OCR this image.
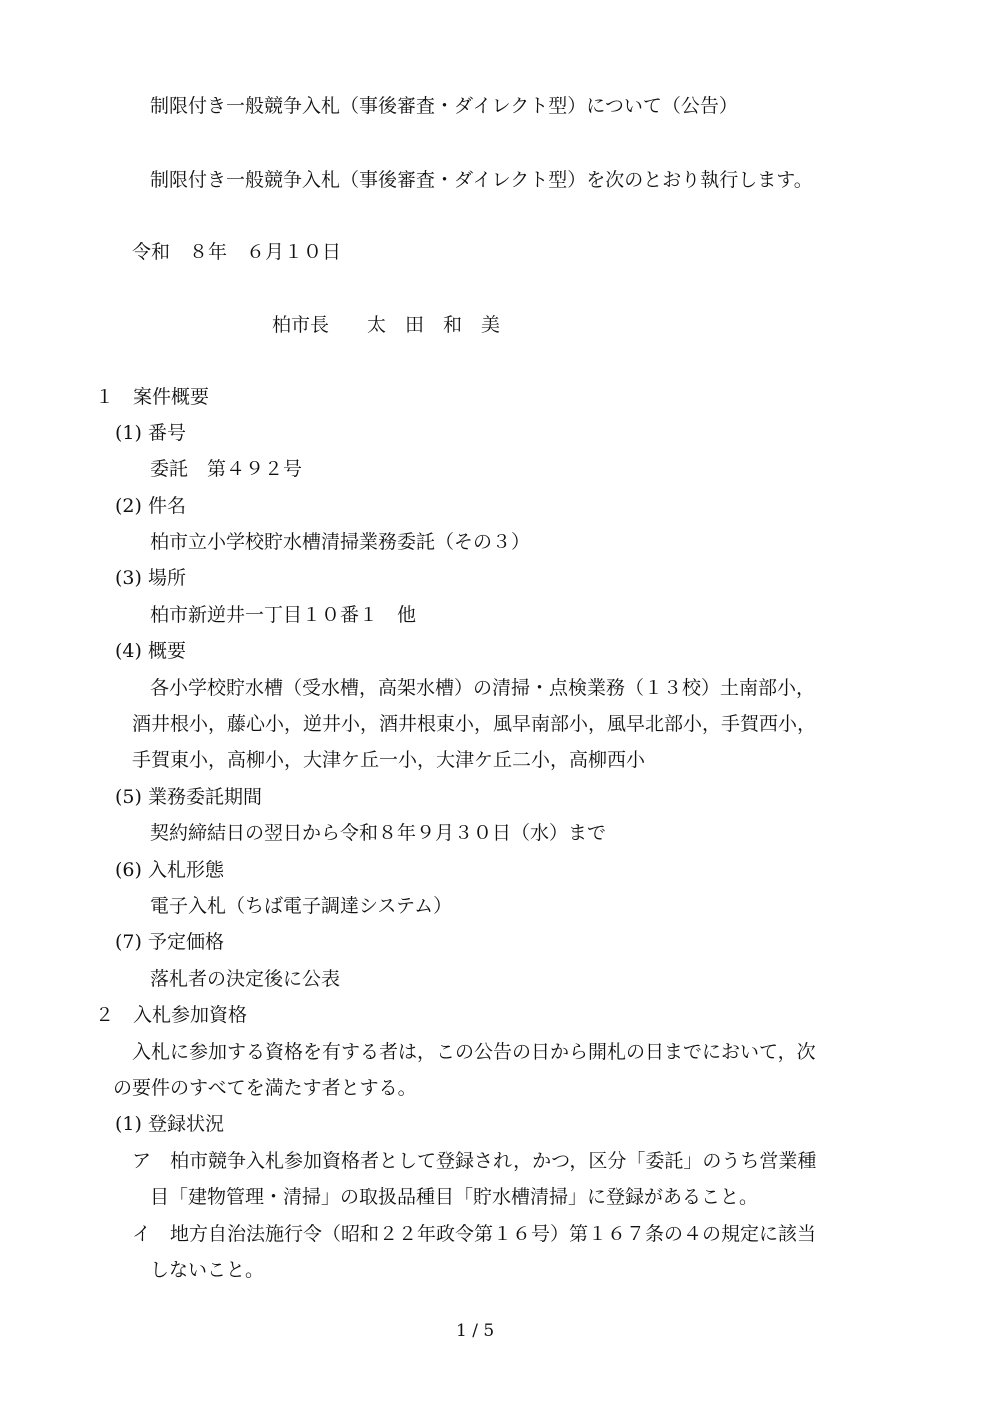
制限付き一般競争入札（事後審査・ダイレクト型）について（公告）
制限付き一般競争入札（事後審査・ダイレクト型）を次のとおり執行します。
令和　８年　６月１０日
柏市長　　太　田　和　美
１　案件概要
(1) 番号
委託　第４９２号
(2) 件名
柏市立小学校貯水槽清掃業務委託（その３）
(3) 場所
柏市新逆井一丁目１０番１　他
(4) 概要
各小学校貯水槽（受水槽，高架水槽）の清掃・点検業務（１３校）土南部小，
酒井根小，藤心小，逆井小，酒井根東小，風早南部小，風早北部小，手賀西小，
手賀東小，高柳小，大津ケ丘一小，大津ケ丘二小，高柳西小
(5) 業務委託期間
契約締結日の翌日から令和８年９月３０日（水）まで
(6) 入札形態
電子入札（ちば電子調達システム）
(7) 予定価格
落札者の決定後に公表
２　入札参加資格
入札に参加する資格を有する者は，この公告の日から開札の日までにおいて，次
の要件のすべてを満たす者とする。
(1) 登録状況
ア　柏市競争入札参加資格者として登録され，かつ，区分「委託」のうち営業種
目「建物管理・清掃」の取扱品種目「貯水槽清掃」に登録があること。
イ　地方自治法施行令（昭和２２年政令第１６号）第１６７条の４の規定に該当
しないこと。
1 / 5
